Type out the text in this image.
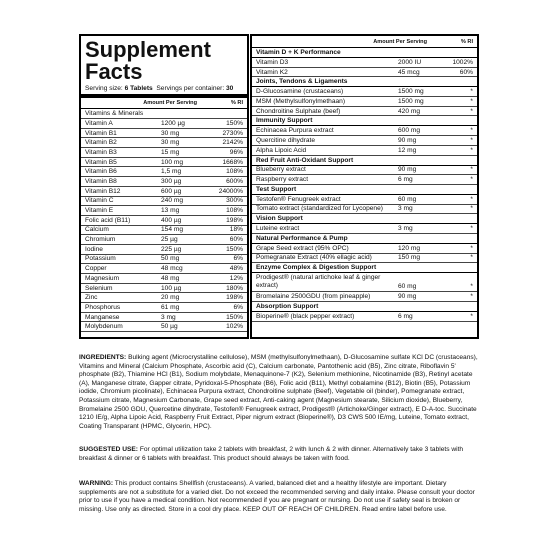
Supplement
Facts
Serving size: 6 Tablets Servings per container: 30
Amount Per Serving	% RI
Vitamins & Minerals
Vitamin A	1200 µg	150%
Vitamin B1	30 mg	2730%
Vitamin B2	30 mg	2142%
Vitamin B3	15 mg	96%
Vitamin B5	100 mg	1668%
Vitamin B6	1,5 mg	108%
Vitamin B8	300 µg	600%
Vitamin B12	600 µg	24000%
Vitamin C	240 mg	300%
Vitamin E	13 mg	108%
Folic acid (B11)	400 µg	198%
Calcium	154 mg	18%
Chromium	25 µg	60%
Iodine	225 µg	150%
Potassium	50 mg	6%
Copper	48 mcg	48%
Magnesium	48 mg	12%
Selenium	100 µg	180%
Zinc	20 mg	198%
Phosphorus	61 mg	6%
Manganese	3 mg	150%
Molybdenum	50 µg	102%
Amount Per Serving	% RI
Vitamin D + K Performance
Vitamin D3	2000 IU	1002%
Vitamin K2	45 mcg	60%
Joints, Tendons & Ligaments
D-Glucosamine (crustaceans)	1500 mg	*
MSM (Methylsulfonylmethaan)	1500 mg	*
Chondroitine Sulphate (beef)	420 mg	*
Immunity Support
Echinacea Purpura extract	600 mg	*
Quercitine dihydrate	90 mg	*
Alpha Lipoic Acid	12 mg	*
Red Fruit Anti-Oxidant Support
Blueberry extract	90 mg	*
Raspberry extract	6 mg	*
Test Support
Testofen® Fenugreek extract	60 mg	*
Tomato extract (standardized for Lycopene)	3 mg	*
Vision Support
Luteine extract	3 mg	*
Natural Performance & Pump
Grape Seed extract (95% OPC)	120 mg	*
Pomegranate Extract (40% ellagic acid)	150 mg	*
Enzyme Complex & Digestion Support
Prodigest® (natural artichoke leaf & ginger extract)	60 mg	*
Bromelaine 2500GDU (from pineapple)	90 mg	*
Absorption Support
Bioperine® (black pepper extract)	6 mg	*
INGREDIENTS: Bulking agent (Microcrystalline cellulose), MSM (methylsulfonylmethaan), D-Glucosamine sulfate KCl DC (crustaceans), Vitamins and Mineral (Calcium Phosphate, Ascorbic acid (C), Calcium carbonate, Pantothenic acid (B5), Zinc citrate, Riboflavin 5' phosphate (B2), Thiamine HCl (B1), Sodium molybdate, Menaquinone-7 (K2), Selenium methionine, Nicotinamide (B3), Retinyl acetate (A), Manganese citrate, Gapper citrate, Pyridoxal-5-Phosphate (B6), Folic acid (B11), Methyl cobalamine (B12), Biotin (B5), Potassium iodide, Chromium picolinate), Echinacea Purpura extract, Chondroitine sulphate (Beef), Vegetable oil (binder), Pomegranate extract, Potassium citrate, Magnesium Carbonate, Grape seed extract, Anti-caking agent (Magnesium stearate, Silicium dioxide), Blueberry, Bromelaine 2500 GDU, Quercetine dihydrate, Testofen® Fenugreek extract, Prodigest® (Artichoke/Ginger extract), E D-A-toc. Succinate 1210 IE/g, Alpha Lipoic Acid, Raspberry Fruit Extract, Piper nigrum extract (Bioperine®), D3 CWS 500 IE/mg, Luteine, Tomato extract, Coating Transparant (HPMC, Glycerin, HPC).
SUGGESTED USE: For optimal utilization take 2 tablets with breakfast, 2 with lunch & 2 with dinner. Alternatively take 3 tablets with breakfast & dinner or 6 tablets with breakfast. This product should always be taken with food.
WARNING: This product contains Shellfish (crustaceans). A varied, balanced diet and a healthy lifestyle are important. Dietary supplements are not a substitute for a varied diet. Do not exceed the recommended serving and daily intake. Please consult your doctor prior to use if you have a medical condition. Not recommended if you are pregnant or nursing. Do not use if safety seal is broken or missing. Use only as directed. Store in a cool dry place. KEEP OUT OF REACH OF CHILDREN. Read entire label before use.
